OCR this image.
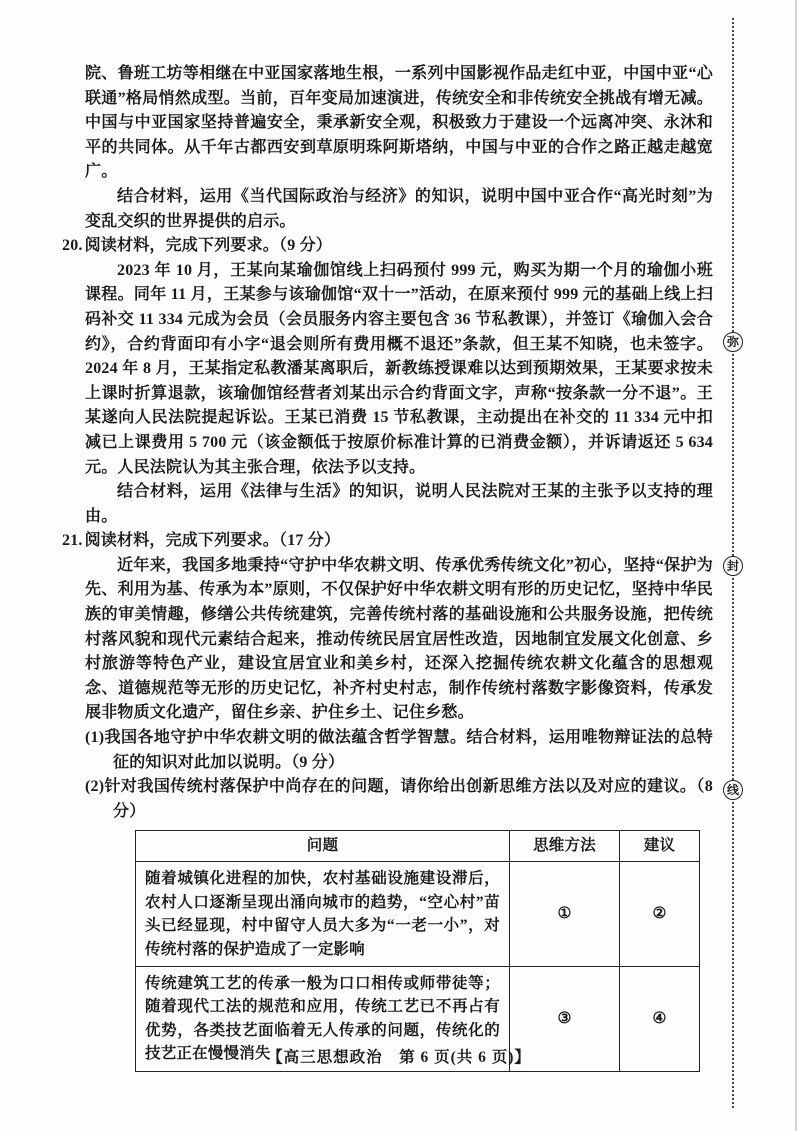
院、鲁班工坊等相继在中亚国家落地生根，一系列中国影视作品走红中亚，中国中亚“心联通”格局悄然成型。当前，百年变局加速演进，传统安全和非传统安全挑战有增无减。中国与中亚国家坚持普遍安全，秉承新安全观，积极致力于建设一个远离冲突、永沐和平的共同体。从千年古都西安到草原明珠阿斯塔纳，中国与中亚的合作之路正越走越宽广。

结合材料，运用《当代国际政治与经济》的知识，说明中国中亚合作“高光时刻”为变乱交织的世界提供的启示。

20. 阅读材料，完成下列要求。（9 分）

2023 年 10 月，王某向某瑜伽馆线上扫码预付 999 元，购买为期一个月的瑜伽小班课程。同年 11 月，王某参与该瑜伽馆“双十一”活动，在原来预付 999 元的基础上线上扫码补交 11 334 元成为会员（会员服务内容主要包含 36 节私教课），并签订《瑜伽入会合约》，合约背面印有小字“退会则所有费用概不退还”条款，但王某不知晓，也未签字。2024 年 8 月，王某指定私教潘某离职后，新教练授课难以达到预期效果，王某要求按未上课时折算退款，该瑜伽馆经营者刘某出示合约背面文字，声称“按条款一分不退”。王某遂向人民法院提起诉讼。王某已消费 15 节私教课，主动提出在补交的 11 334 元中扣减已上课费用 5 700 元（该金额低于按原价标准计算的已消费金额），并诉请返还 5 634 元。人民法院认为其主张合理，依法予以支持。

结合材料，运用《法律与生活》的知识，说明人民法院对王某的主张予以支持的理由。

21. 阅读材料，完成下列要求。（17 分）

近年来，我国多地秉持“守护中华农耕文明、传承优秀传统文化”初心，坚持“保护为先、利用为基、传承为本”原则，不仅保护好中华农耕文明有形的历史记忆，坚持中华民族的审美情趣，修缮公共传统建筑，完善传统村落的基础设施和公共服务设施，把传统村落风貌和现代元素结合起来，推动传统民居宜居性改造，因地制宜发展文化创意、乡村旅游等特色产业，建设宜居宜业和美乡村，还深入挖掘传统农耕文化蕴含的思想观念、道德规范等无形的历史记忆，补齐村史村志，制作传统村落数字影像资料，传承发展非物质文化遗产，留住乡亲、护住乡土、记住乡愁。

(1)我国各地守护中华农耕文明的做法蕴含哲学智慧。结合材料，运用唯物辩证法的总特征的知识对此加以说明。（9 分）

(2)针对我国传统村落保护中尚存在的问题，请你给出创新思维方法以及对应的建议。（8 分）

问题	思维方法	建议
随着城镇化进程的加快，农村基础设施建设滞后，农村人口逐渐呈现出涌向城市的趋势，“空心村”苗头已经显现，村中留守人员大多为“一老一小”，对传统村落的保护造成了一定影响	①	②
传统建筑工艺的传承一般为口口相传或师带徒等；随着现代工法的规范和应用，传统工艺已不再占有优势，各类技艺面临着无人传承的问题，传统化的技艺正在慢慢消失	③	④
弥
封
线
【高三思想政治　第 6 页(共 6 页)】
